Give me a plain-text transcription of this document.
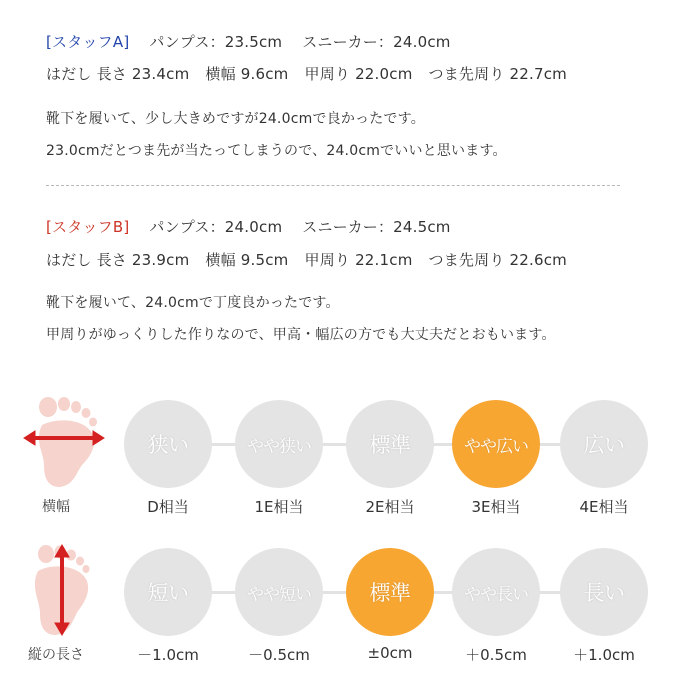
[スタッフA] パンプス：23.5cm スニーカー：24.0cm
はだし 長さ 23.4cm 横幅 9.6cm 甲周り 22.0cm つま先周り 22.7cm
靴下を履いて、少し大きめですが24.0cmで良かったです。
23.0cmだとつま先が当たってしまうので、24.0cmでいいと思います。
[スタッフB] パンプス：24.0cm スニーカー：24.5cm
はだし 長さ 23.9cm 横幅 9.5cm 甲周り 22.1cm つま先周り 22.6cm
靴下を履いて、24.0cmで丁度良かったです。
甲周りがゆっくりした作りなので、甲高・幅広の方でも大丈夫だとおもいます。
横幅
狭い	やや狭い	標準	やや広い	広い
D相当	1E相当	2E相当	3E相当	4E相当
縦の長さ
短い	やや短い	標準	やや長い	長い
－1.0cm	－0.5cm	±0cm	＋0.5cm	＋1.0cm
